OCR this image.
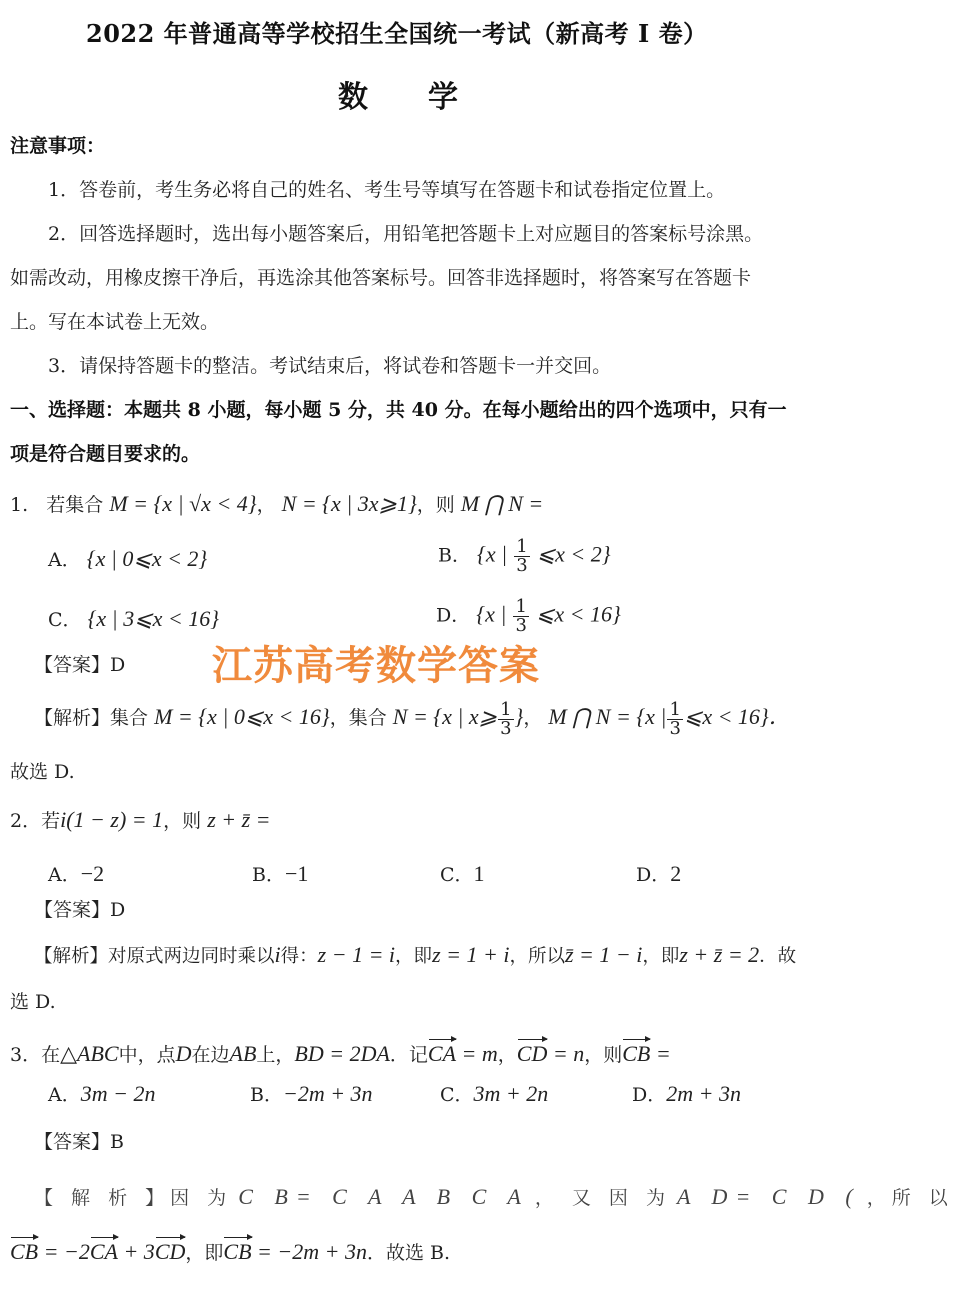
2022 年普通高等学校招生全国统一考试（新高考 I 卷）
数学
注意事项：
1．答卷前，考生务必将自己的姓名、考生号等填写在答题卡和试卷指定位置上。
2．回答选择题时，选出每小题答案后，用铅笔把答题卡上对应题目的答案标号涂黑。
如需改动，用橡皮擦干净后，再选涂其他答案标号。回答非选择题时，将答案写在答题卡
上。写在本试卷上无效。
3．请保持答题卡的整洁。考试结束后，将试卷和答题卡一并交回。
一、选择题：本题共 8 小题，每小题 5 分，共 40 分。在每小题给出的四个选项中，只有一
项是符合题目要求的。
1. 若集合 M = {x | √x < 4}， N = {x | 3x⩾1}，则 M ⋂ N =
A． {x | 0⩽x < 2}	B． {x | $\frac{1}{3}$ ⩽x < 2}
C． {x | 3⩽x < 16}	D． {x | $\frac{1}{3}$ ⩽x < 16}
【答案】D 江苏高考数学答案
【解析】集合 M = {x | 0⩽x < 16}，集合 N = {x | x⩾ $\frac{1}{3}$ }， M ⋂ N = {x | $\frac{1}{3}$ ⩽x < 16}．
故选 D.
2．若i(1 − z) = 1，则 z + z̄ =
A．−2	B．−1	C．1	D．2
【答案】D
【解析】对原式两边同时乘以i得：z − 1 = i，即z = 1 + i，所以z̄ = 1 − i，即z + z̄ = 2．故
选 D.
3．在△ABC中，点D在边AB上，BD = 2DA．记CA = m，CD = n，则CB =
A．3m − 2n	B．−2m + 3n	C．3m + 2n	D．2m + 3n
【答案】B
【 解 析 】因 为 C B= C A A B C A ， 又 因 为 A D= C D ( ，所 以
CB = −2CA + 3CD，即CB = −2m + 3n．故选 B.
